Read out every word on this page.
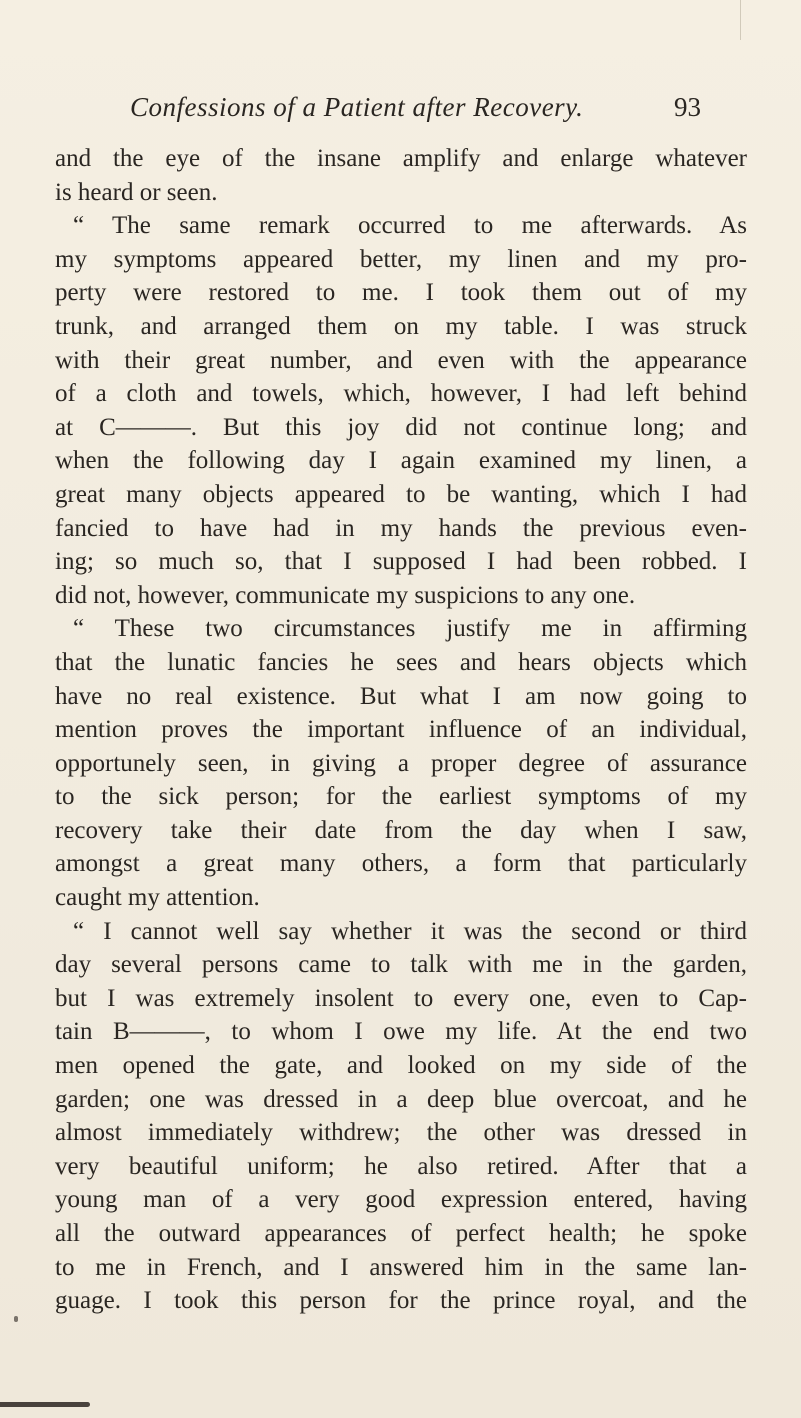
Confessions of a Patient after Recovery.	93
and the eye of the insane amplify and enlarge whatever
is heard or seen.
“ The same remark occurred to me afterwards. As
my symptoms appeared better, my linen and my pro-
perty were restored to me. I took them out of my
trunk, and arranged them on my table. I was struck
with their great number, and even with the appearance
of a cloth and towels, which, however, I had left behind
at C———. But this joy did not continue long; and
when the following day I again examined my linen, a
great many objects appeared to be wanting, which I had
fancied to have had in my hands the previous even-
ing; so much so, that I supposed I had been robbed. I
did not, however, communicate my suspicions to any one.
“ These two circumstances justify me in affirming
that the lunatic fancies he sees and hears objects which
have no real existence. But what I am now going to
mention proves the important influence of an individual,
opportunely seen, in giving a proper degree of assurance
to the sick person; for the earliest symptoms of my
recovery take their date from the day when I saw,
amongst a great many others, a form that particularly
caught my attention.
“ I cannot well say whether it was the second or third
day several persons came to talk with me in the garden,
but I was extremely insolent to every one, even to Cap-
tain B———, to whom I owe my life. At the end two
men opened the gate, and looked on my side of the
garden; one was dressed in a deep blue overcoat, and he
almost immediately withdrew; the other was dressed in
very beautiful uniform; he also retired. After that a
young man of a very good expression entered, having
all the outward appearances of perfect health; he spoke
to me in French, and I answered him in the same lan-
guage. I took this person for the prince royal, and the
